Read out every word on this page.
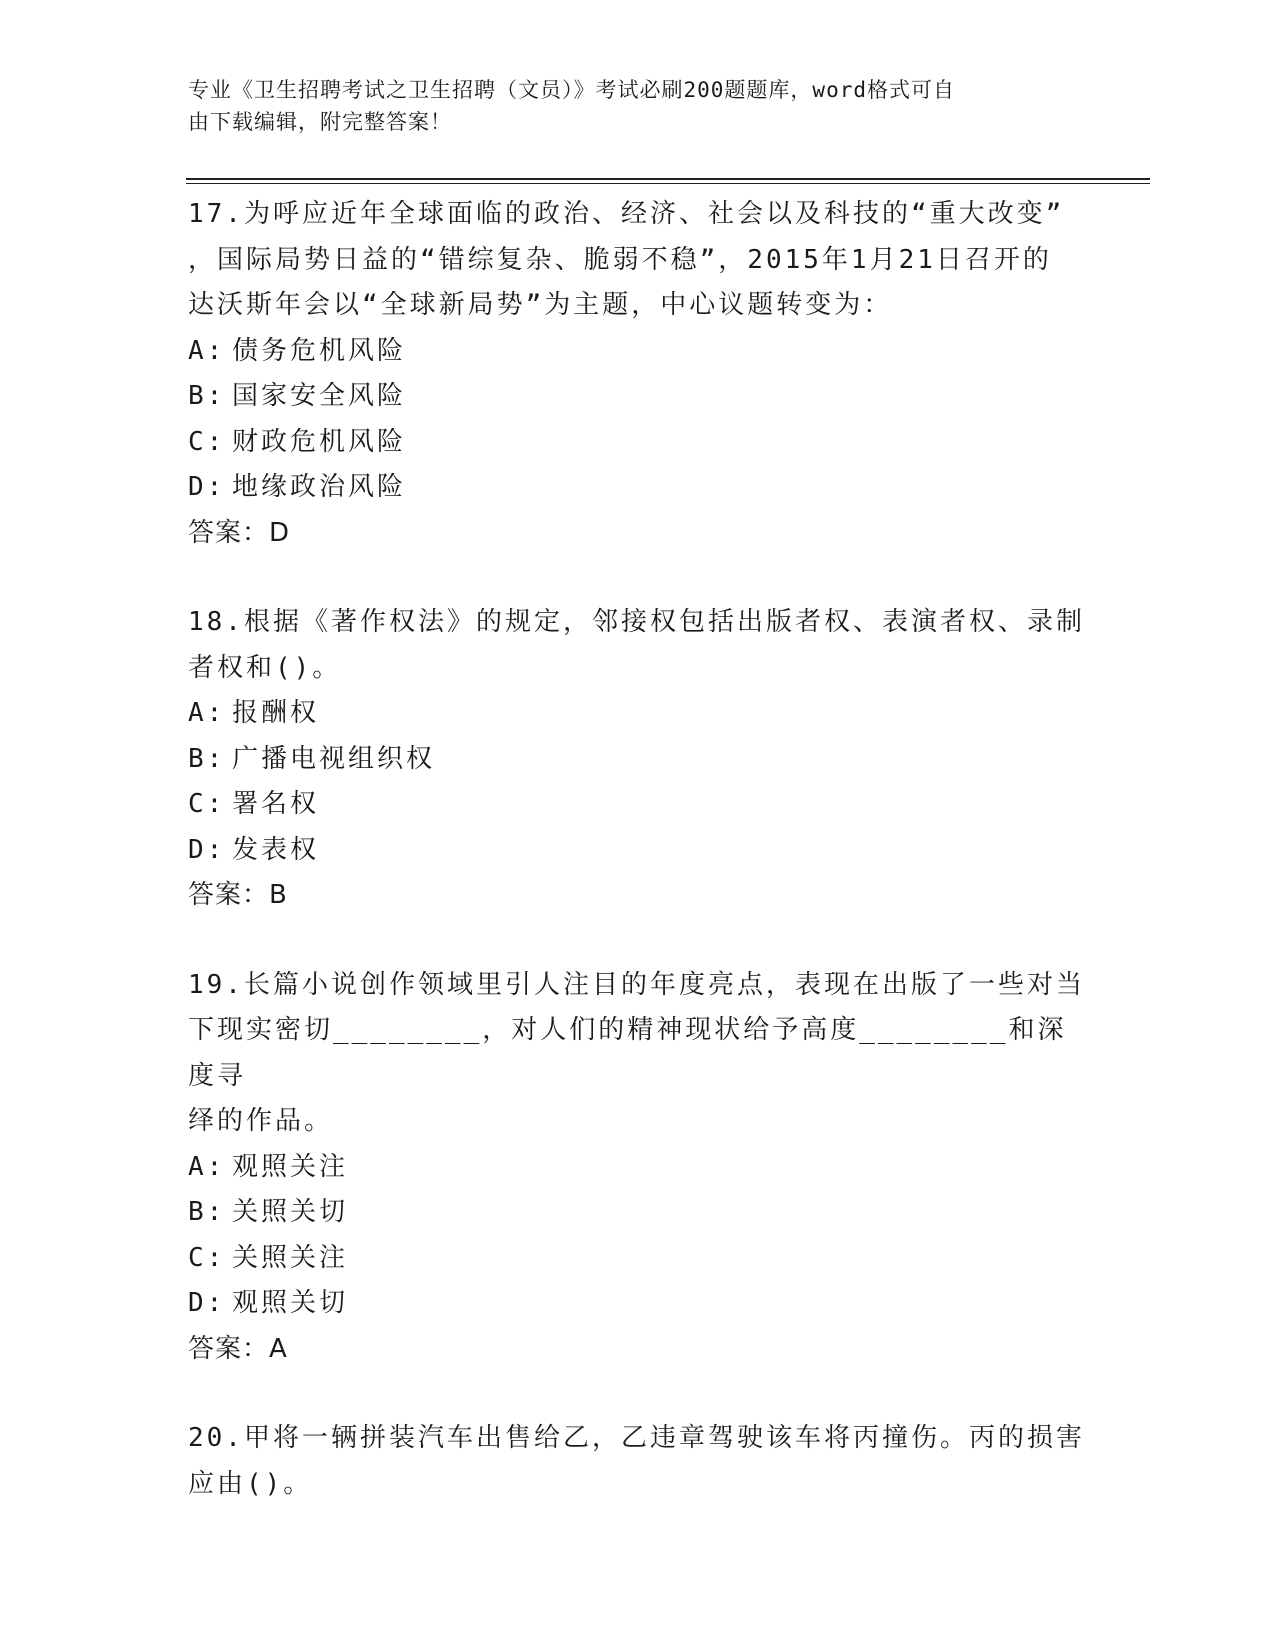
专业《卫生招聘考试之卫生招聘（文员）》考试必刷200题题库，word格式可自
由下载编辑，附完整答案！

17.为呼应近年全球面临的政治、经济、社会以及科技的“重大改变”

，国际局势日益的“错综复杂、脆弱不稳”，2015年1月21日召开的

达沃斯年会以“全球新局势”为主题，中心议题转变为：

A: 债务危机风险

B: 国家安全风险

C: 财政危机风险

D: 地缘政治风险

答案：D

18.根据《著作权法》的规定，邻接权包括出版者权、表演者权、录制

者权和()。

A: 报酬权

B: 广播电视组织权

C: 署名权

D: 发表权

答案：B

19.长篇小说创作领域里引人注目的年度亮点，表现在出版了一些对当

下现实密切________，对人们的精神现状给予高度________和深度寻

绎的作品。

A: 观照关注

B: 关照关切

C: 关照关注

D: 观照关切

答案：A

20.甲将一辆拼装汽车出售给乙，乙违章驾驶该车将丙撞伤。丙的损害

应由()。
